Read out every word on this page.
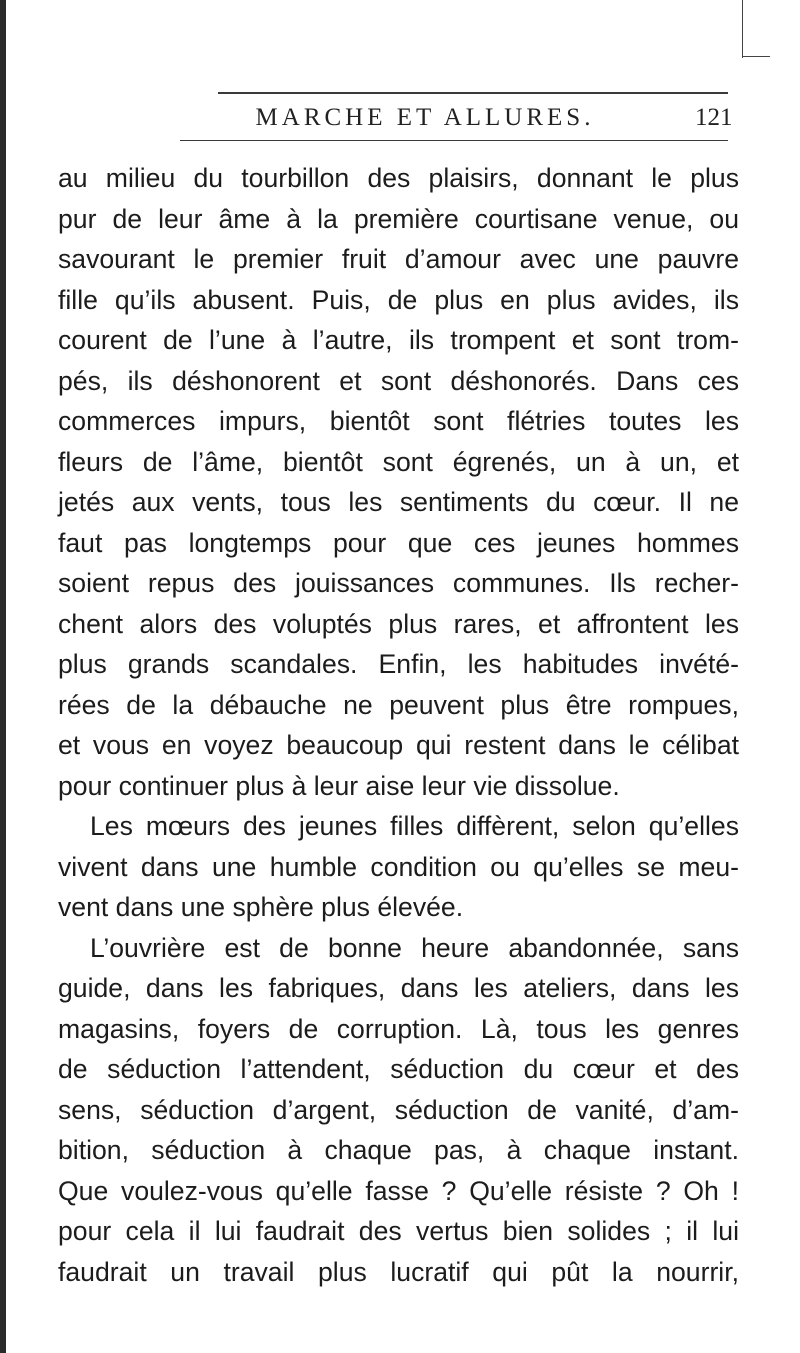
MARCHE ET ALLURES.	121
au milieu du tourbillon des plaisirs, donnant le plus
pur de leur âme à la première courtisane venue, ou
savourant le premier fruit d’amour avec une pauvre
fille qu’ils abusent. Puis, de plus en plus avides, ils
courent de l’une à l’autre, ils trompent et sont trom-
pés, ils déshonorent et sont déshonorés. Dans ces
commerces impurs, bientôt sont flétries toutes les
fleurs de l’âme, bientôt sont égrenés, un à un, et
jetés aux vents, tous les sentiments du cœur. Il ne
faut pas longtemps pour que ces jeunes hommes
soient repus des jouissances communes. Ils recher-
chent alors des voluptés plus rares, et affrontent les
plus grands scandales. Enfin, les habitudes invété-
rées de la débauche ne peuvent plus être rompues,
et vous en voyez beaucoup qui restent dans le célibat
pour continuer plus à leur aise leur vie dissolue.
Les mœurs des jeunes filles diffèrent, selon qu’elles
vivent dans une humble condition ou qu’elles se meu-
vent dans une sphère plus élevée.
L’ouvrière est de bonne heure abandonnée, sans
guide, dans les fabriques, dans les ateliers, dans les
magasins, foyers de corruption. Là, tous les genres
de séduction l’attendent, séduction du cœur et des
sens, séduction d’argent, séduction de vanité, d’am-
bition, séduction à chaque pas, à chaque instant.
Que voulez-vous qu’elle fasse ? Qu’elle résiste ? Oh !
pour cela il lui faudrait des vertus bien solides ; il lui
faudrait un travail plus lucratif qui pût la nourrir,
